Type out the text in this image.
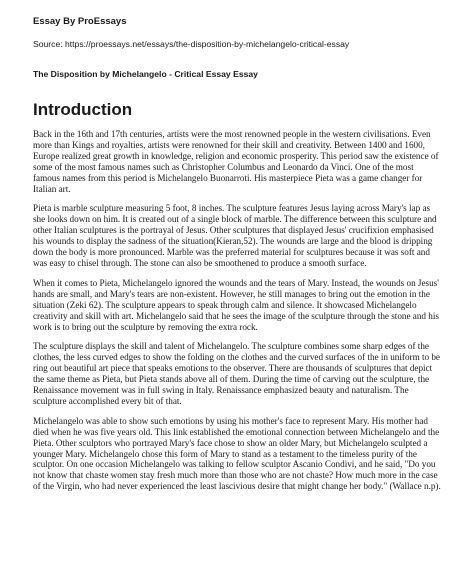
Essay By ProEssays
Source: https://proessays.net/essays/the-disposition-by-michelangelo-critical-essay
The Disposition by Michelangelo - Critical Essay Essay
Introduction

Back in the 16th and 17th centuries, artists were the most renowned people in the western civilisations. Even more than Kings and royalties, artists were renowned for their skill and creativity. Between 1400 and 1600, Europe realized great growth in knowledge, religion and economic prosperity. This period saw the existence of some of the most famous names such as Christopher Columbus and Leonardo da Vinci. One of the most famous names from this period is Michelangelo Buonarroti. His masterpiece Pieta was a game changer for Italian art.

Pieta is marble sculpture measuring 5 foot, 8 inches. The sculpture features Jesus laying across Mary's lap as she looks down on him. It is created out of a single block of marble. The difference between this sculpture and other Italian sculptures is the portrayal of Jesus. Other sculptures that displayed Jesus' crucifixion emphasised his wounds to display the sadness of the situation(Kieran,52). The wounds are large and the blood is dripping down the body is more pronounced. Marble was the preferred material for sculptures because it was soft and was easy to chisel through. The stone can also be smoothened to produce a smooth surface.

When it comes to Pieta, Michelangelo ignored the wounds and the tears of Mary. Instead, the wounds on Jesus' hands are small, and Mary's tears are non-existent. However, he still manages to bring out the emotion in the situation (Zeki 62). The sculpture appears to speak through calm and silence. It showcased Michelangelo creativity and skill with art. Michelangelo said that he sees the image of the sculpture through the stone and his work is to bring out the sculpture by removing the extra rock.

The sculpture displays the skill and talent of Michelangelo. The sculpture combines some sharp edges of the clothes, the less curved edges to show the folding on the clothes and the curved surfaces of the in uniform to be ring out beautiful art piece that speaks emotions to the observer. There are thousands of sculptures that depict the same theme as Pieta, but Pieta stands above all of them. During the time of carving out the sculpture, the Renaissance movement was in full swing in Italy. Renaissance emphasized beauty and naturalism. The sculpture accomplished every bit of that.

Michelangelo was able to show such emotions by using his mother's face to represent Mary. His mother had died when he was five years old. This link established the emotional connection between Michelangelo and the Pieta. Other sculptors who portrayed Mary's face chose to show an older Mary, but Michelangelo sculpted a younger Mary. Michelangelo chose this form of Mary to stand as a testament to the timeless purity of the sculptor. On one occasion Michelangelo was talking to fellow sculptor Ascanio Condivi, and he said, "Do you not know that chaste women stay fresh much more than those who are not chaste? How much more in the case of the Virgin, who had never experienced the least lascivious desire that might change her body." (Wallace n.p).
